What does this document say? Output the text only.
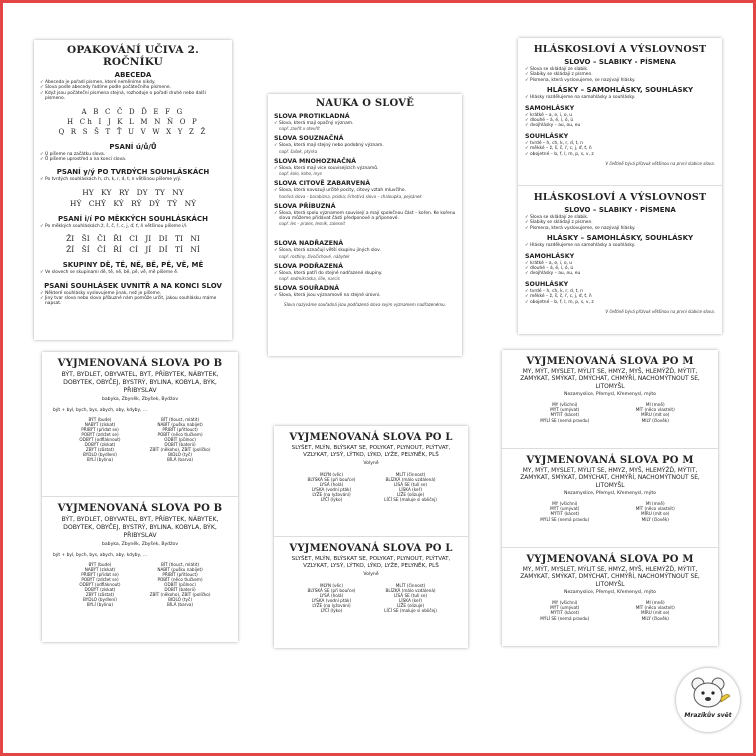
OPAKOVÁNÍ UČIVA 2. ROČNÍKU
ABECEDA
✓ Abeceda je pořadí písmen, které neměníme nikdy.
✓ Slova podle abecedy řadíme podle počátečního písmene.
✓ Když jsou počáteční písmena stejná, rozhoduje o pořadí druhé nebo další písmeno.
A B C Č D Ď E F G
H Ch I J K L M N Ň O P
Q R S Š T Ť U V W X Y Z Ž
PSANÍ ú/ů/Ů
✓ Ú píšeme na začátku slova.
✓ Ů píšeme uprostřed a na konci slova.
PSANÍ y/ý PO TVRDÝCH SOUHLÁSKÁCH
✓ Po tvrdých souhláskách h, ch, k, r, d, t, n většinou píšeme y/ý.
HY KY RY DY TY NY
HÝ CHÝ KÝ RÝ DÝ TÝ NÝ
PSANÍ i/í PO MĚKKÝCH SOUHLÁSKÁCH
✓ Po měkkých souhláskách ž, š, č, ř, c, j, ď, ť, ň většinou píšeme i/í.
ŽI ŠI ČI ŘI CI JI DI TI NI
ŽÍ ŠÍ ČÍ ŘÍ CÍ JÍ DÍ TÍ NÍ
SKUPINY DĚ, TĚ, NĚ, BĚ, PĚ, VĚ, MĚ
✓ Ve slovech se skupinami dě, tě, ně, bě, pě, vě, mě píšeme ě.
PSANÍ SOUHLÁSEK UVNITŘ A NA KONCI SLOV
✓ Některé souhlásky vyslovujeme jinak, než je píšeme.
✓ Jiný tvar slova nebo slovo příbuzné nám pomůže určit, jakou souhlásku máme napsat.
NAUKA O SLOVĚ
SLOVA PROTIKLADNÁ
✓ Slova, která mají opačný význam.
např. zavřít x otevřít
SLOVA SOUZNAČNÁ
✓ Slova, která mají stejný nebo podobný význam.
např. šašek, ptýrka
SLOVA MNOHOZNAČNÁ
✓ Slova, která mají více souvisejících významů.
např. kolo, koho, mys
SLOVA CITOVĚ ZABARVENÁ
✓ Slova, která navozují určité pocity, citový vztah mluvčího.
hanlivá slova – barabizna, psiska; lichotivá slova – chaloupka, pejsánek
SLOVA PŘÍBUZNÁ
✓ Slova, která spolu významem souvisejí a mají společnou část – kořen. Ke kořenu slova můžeme přidávat části předponové a příponové.
např. les – prales, lesník, zalesnit
SLOVA NADŘAZENÁ
✓ Slova, která označují větší skupinu jiných slov.
např. rostliny, živočichové, nábytek
SLOVA PODŘAZENÁ
✓ Slova, která patří do stejné nadřazené skupiny.
např. sedmikráska, lilie, narcis
SLOVA SOUŘADNÁ
✓ Slova, která jsou významově na stejné úrovni.
Slova nazýváme souřadná jsou podřazená slova svým významem nadřazenému.
HLÁSKOSLOVÍ A VÝSLOVNOST
SLOVO – SLABIKY - PÍSMENA
✓ Slova se skládají ze slabik.
✓ Slabiky se skládají z písmen.
✓ Písmena, která vyslovujeme, se nazývají hlásky.
HLÁSKY – SAMOHLÁSKY, SOUHLÁSKY
✓ Hlásky rozdělujeme na samohlásky a souhlásky.
SAMOHLÁSKY
✓ krátké – a, e, i, o, u
✓ dlouhé – á, é, í, ó, ú
✓ dvojhlásky – au, ou, eu
SOUHLÁSKY
✓ tvrdé – h, ch, k, r, d, t, n
✓ měkké – ž, š, č, ř, c, j, ď, ť, ň
✓ obojetné – b, f, l, m, p, s, v, z
V češtině bývá přízvuk většinou na první slabice slova.
HLÁSKOSLOVÍ A VÝSLOVNOST
SLOVO – SLABIKY - PÍSMENA
✓ Slova se skládají ze slabik.
✓ Slabiky se skládají z písmen.
✓ Písmena, která vyslovujeme, se nazývají hlásky.
HLÁSKY – SAMOHLÁSKY, SOUHLÁSKY
✓ Hlásky rozdělujeme na samohlásky a souhlásky.
SAMOHLÁSKY
✓ krátké – a, e, i, o, u
✓ dlouhé – á, é, í, ó, ú
✓ dvojhlásky – au, ou, eu
SOUHLÁSKY
✓ tvrdé – h, ch, k, r, d, t, n
✓ měkké – ž, š, č, ř, c, j, ď, ť, ň
✓ obojetné – b, f, l, m, p, s, v, z
V češtině bývá přízvuk většinou na první slabice slova.
VYJMENOVANÁ SLOVA PO B
BÝT, BYDLET, OBYVATEL, BYT, PŘÍBYTEK, NÁBYTEK, DOBYTEK, OBYČEJ, BYSTRÝ, BYLINA, KOBYLA, BÝK, PŘIBYSLAV
babyka, Zbyněk, Zbyšek, Bydžov
být + byl, bych, bys, abych, aby, kdyby, ...
BÝT (bude)
NABÝT (získat)
PŘIBÝT (přidat se)
POBÝT (zdržet se)
ODBÝT (odfláknout)
DOBÝT (získat)
ZBÝT (zůstat)
BYDLO (bydlení)
BYLÍ (bylina)
BÍT (tlouct, mlátit)
NABÍT (pušku nabíjet)
PŘIBÍT (přitlouct)
POBÍT (něco tlučkem)
ODBÍT (půlnoc)
DOBÍT (baterii)
ZBÍT (někoho), ZBÍT (políčko)
BIDLO (tyč)
BÍLÁ (barva)
VYJMENOVANÁ SLOVA PO B
BÝT, BYDLET, OBYVATEL, BYT, PŘÍBYTEK, NÁBYTEK, DOBYTEK, OBYČEJ, BYSTRÝ, BYLINA, KOBYLA, BÝK, PŘIBYSLAV
babyka, Zbyněk, Zbyšek, Bydžov
být + byl, bych, bys, abych, aby, kdyby, ...
BÝT (bude)
NABÝT (získat)
PŘIBÝT (přidat se)
POBÝT (zdržet se)
ODBÝT (odfláknout)
DOBÝT (získat)
ZBÝT (zůstat)
BYDLO (bydlení)
BYLÍ (bylina)
BÍT (tlouct, mlátit)
NABÍT (pušku nabíjet)
PŘIBÍT (přitlouct)
POBÍT (něco tlučkem)
ODBÍT (půlnoc)
DOBÍT (baterii)
ZBÍT (někoho), ZBÍT (políčko)
BIDLO (tyč)
BÍLÁ (barva)
VYJMENOVANÁ SLOVA PO L
SLYŠET, MLÝN, BLÝSKAT SE, POLYKAT, PLYNOUT, PLÝTVAT, VZLYKAT, LYSÝ, LÝTKO, LÝKO, LYŽE, PELYNĚK, PLŠ
Volyně
MLÝN (věc)
BLÝSKÁ SE (při bouřce)
LYSÁ (holá)
LYSKA (vodní pták)
LYŽE (na lyžování)
LÝČÍ (lýko)
MLÍT (činnost)
BLÍZKÁ (málo vzdálená)
LÍSÁ SE (tulí se)
LÍSKA (keř)
LÍŽE (olizuje)
LÍČÍ SE (maluje si obličej)
VYJMENOVANÁ SLOVA PO L
SLYŠET, MLÝN, BLÝSKAT SE, POLYKAT, PLYNOUT, PLÝTVAT, VZLYKAT, LYSÝ, LÝTKO, LÝKO, LYŽE, PELYNĚK, PLŠ
Volyně
MLÝN (věc)
BLÝSKÁ SE (při bouřce)
LYSÁ (holá)
LYSKA (vodní pták)
LYŽE (na lyžování)
LÝČÍ (lýko)
MLÍT (činnost)
BLÍZKÁ (málo vzdálená)
LÍSÁ SE (tulí se)
LÍSKA (keř)
LÍŽE (olizuje)
LÍČÍ SE (maluje si obličej)
VYJMENOVANÁ SLOVA PO M
MY, MÝT, MYSLET, MÝLIT SE, HMYZ, MYŠ, HLEMÝŽĎ, MÝTIT, ZAMYKAT, SMÝKAT, DMÝCHAT, CHMÝŘÍ, NACHOMÝTNOUT SE, LITOMYŠL
Nezamyslice, Přemysl, Křemenysl, mýto
MY (všichni)
MÝT (umývat)
MÝTIT (kácet)
MÝLÍ SE (nemá pravdu)
MI (mně)
MÍT (něco vlastnit)
MÍRU (mít se)
MILÝ (člověk)
VYJMENOVANÁ SLOVA PO M
MY, MÝT, MYSLET, MÝLIT SE, HMYZ, MYŠ, HLEMÝŽĎ, MÝTIT, ZAMYKAT, SMÝKAT, DMÝCHAT, CHMÝŘÍ, NACHOMÝTNOUT SE, LITOMYŠL
Nezamyslice, Přemysl, Křemenysl, mýto
MY (všichni)
MÝT (umývat)
MÝTIT (kácet)
MÝLÍ SE (nemá pravdu)
MI (mně)
MÍT (něco vlastnit)
MÍRU (mít se)
MILÝ (člověk)
VYJMENOVANÁ SLOVA PO M
MY, MÝT, MYSLET, MÝLIT SE, HMYZ, MYŠ, HLEMÝŽĎ, MÝTIT, ZAMYKAT, SMÝKAT, DMÝCHAT, CHMÝŘÍ, NACHOMÝTNOUT SE, LITOMYŠL
Nezamyslice, Přemysl, Křemenysl, mýto
MY (všichni)
MÝT (umývat)
MÝTIT (kácet)
MÝLÍ SE (nemá pravdu)
MI (mně)
MÍT (něco vlastnit)
MÍRU (mít se)
MILÝ (člověk)
Mrazíkův svět
